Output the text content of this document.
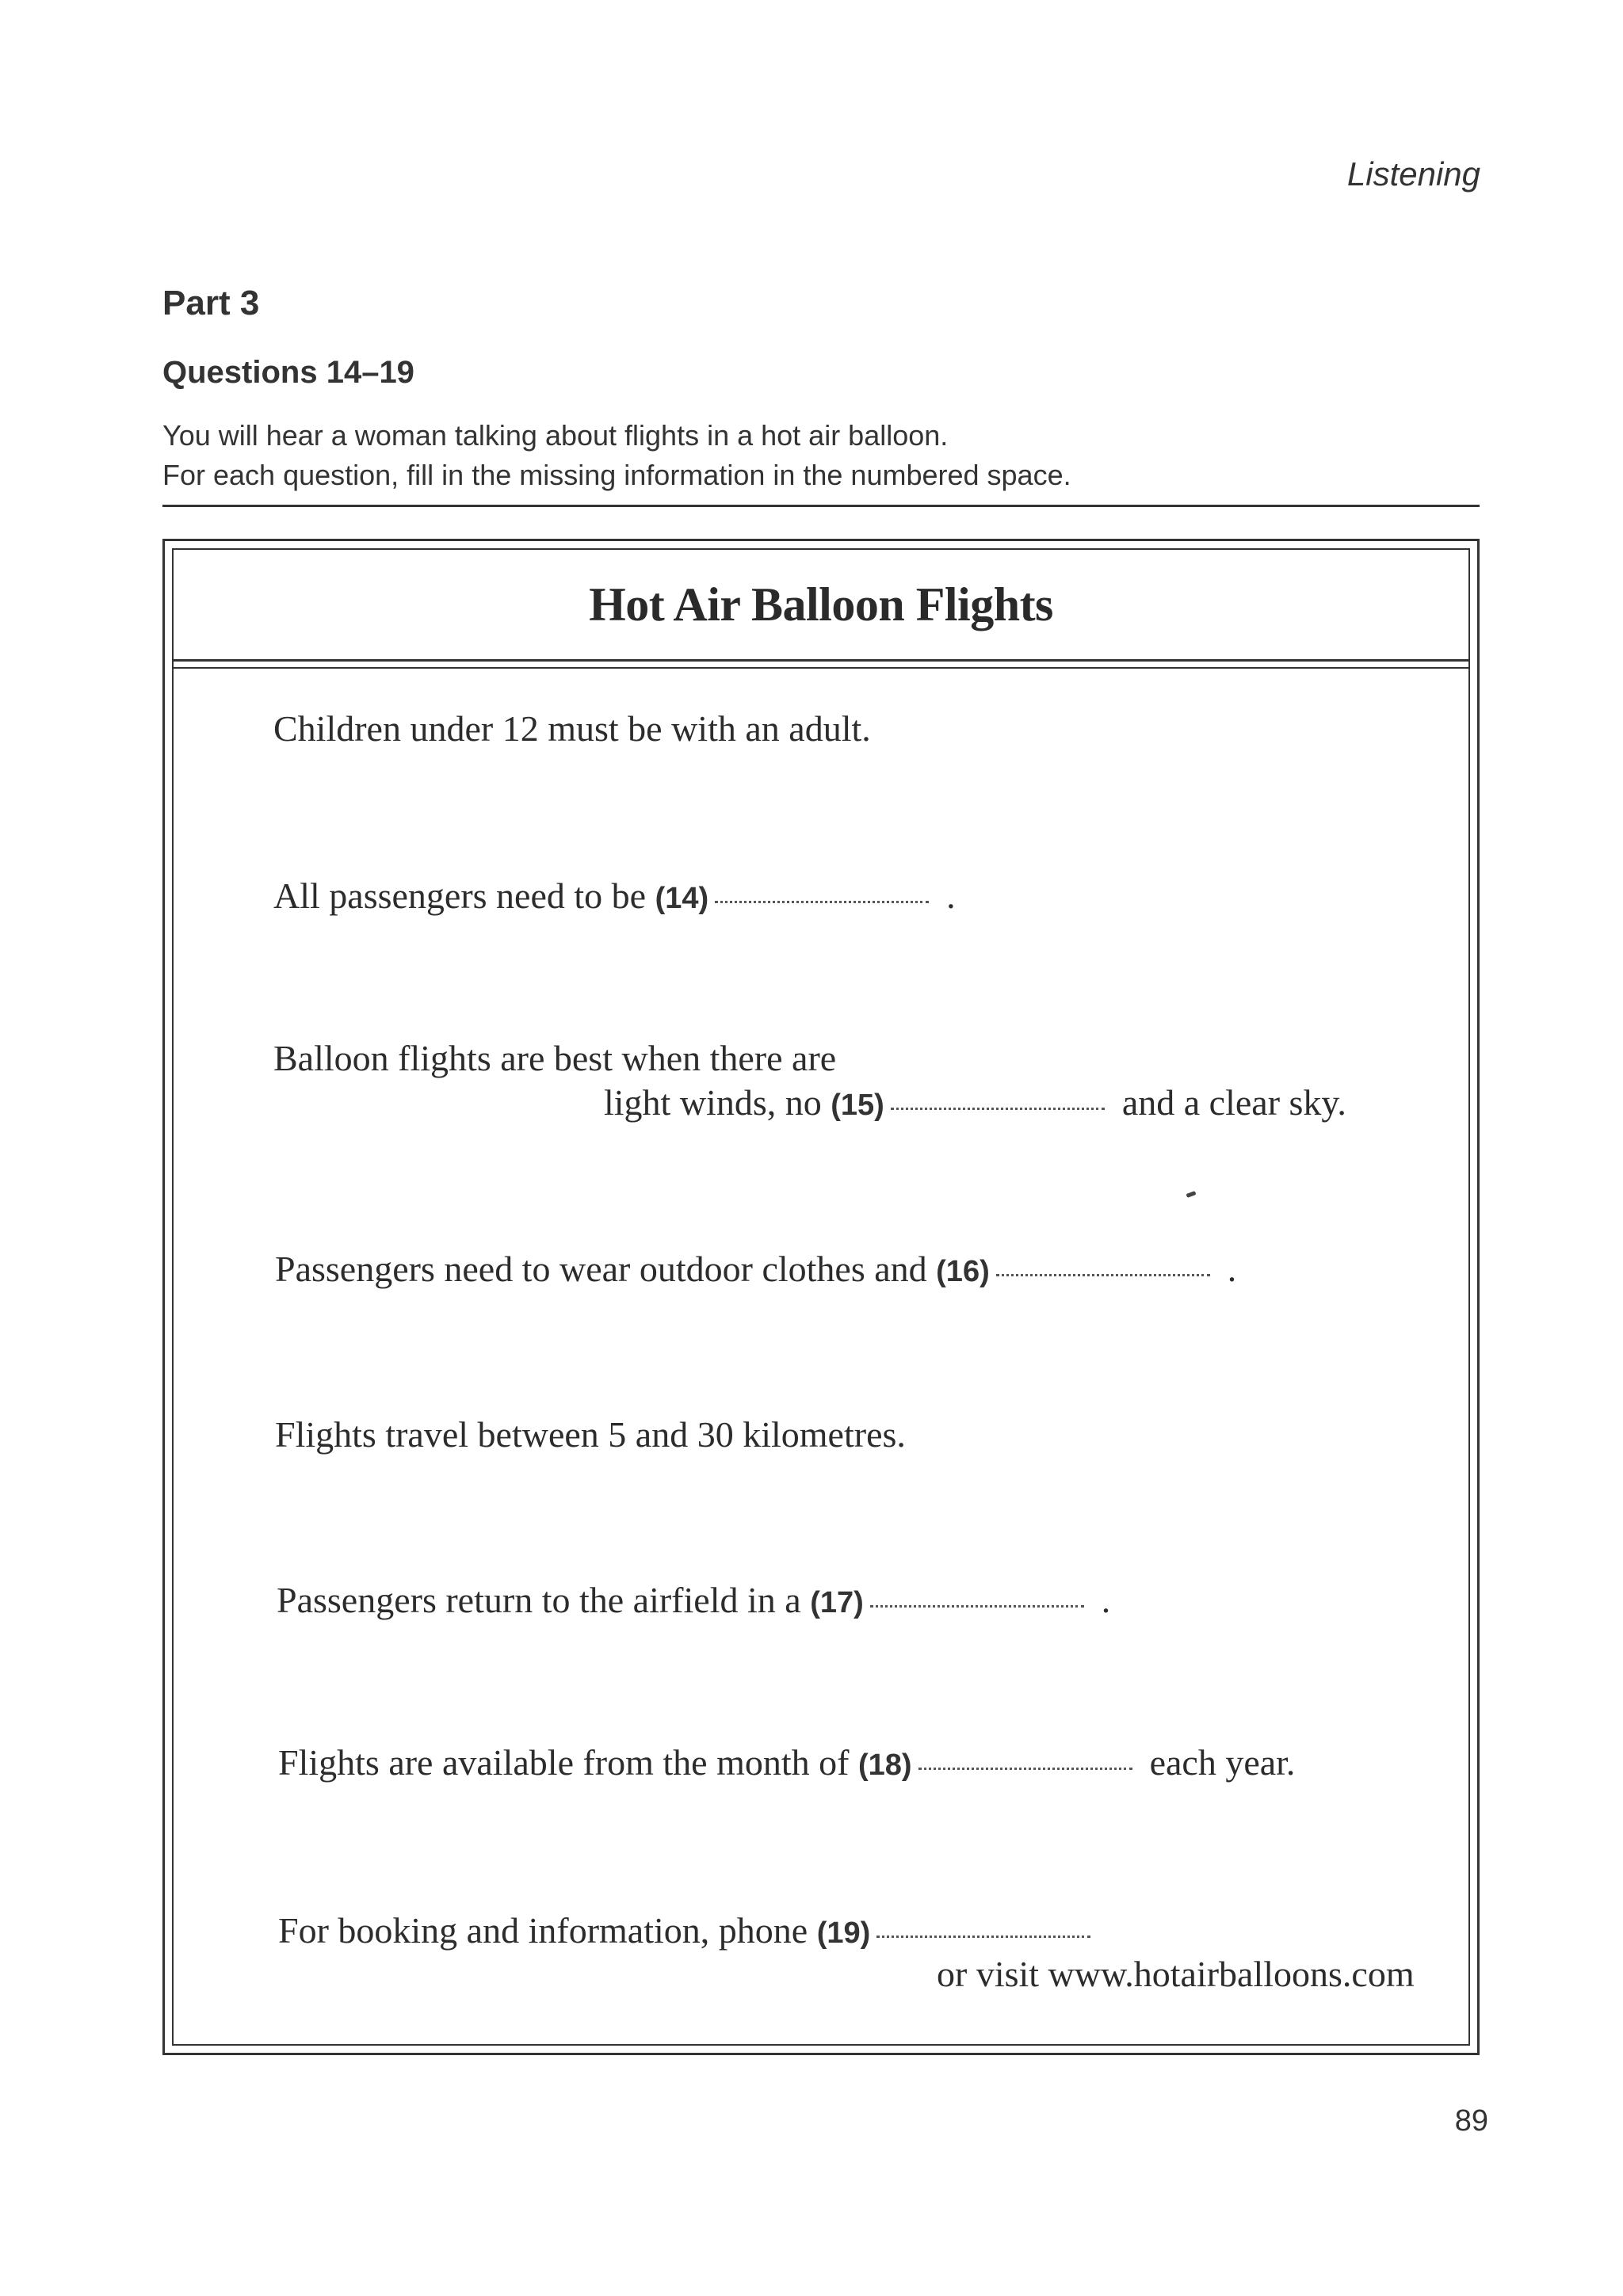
Listening
Part 3
Questions 14–19
You will hear a woman talking about flights in a hot air balloon.
For each question, fill in the missing information in the numbered space.
Hot Air Balloon Flights
Children under 12 must be with an adult.
All passengers need to be (14)	.
Balloon flights are best when there are
light winds, no (15)	and a clear sky.
Passengers need to wear outdoor clothes and (16)	.
Flights travel between 5 and 30 kilometres.
Passengers return to the airfield in a (17)	.
Flights are available from the month of (18)	each year.
For booking and information, phone (19)
or visit www.hotairballoons.com
89
